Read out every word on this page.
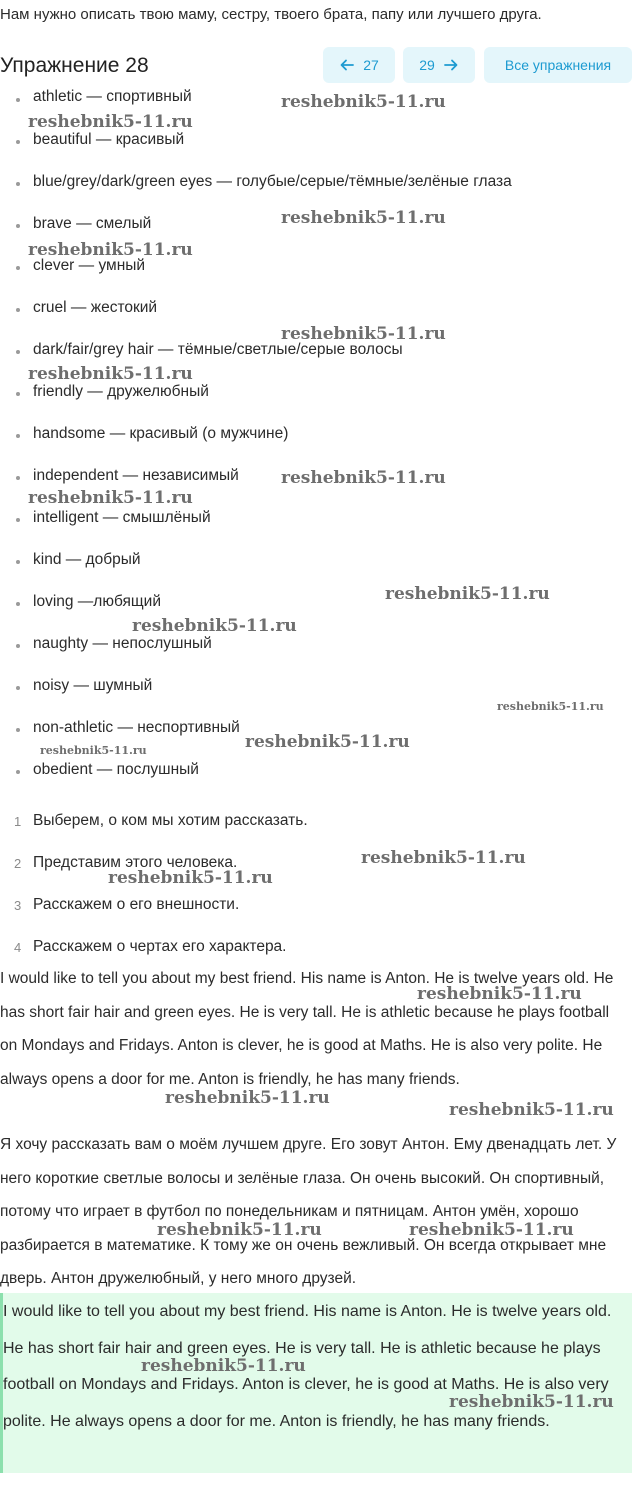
Нам нужно описать твою маму, сестру, твоего брата, папу или лучшего друга.
Упражнение 28	27	29	Все упражнения
athletic — спортивный
beautiful — красивый
blue/grey/dark/green eyes — голубые/серые/тёмные/зелёные глаза
brave — смелый
clever — умный
cruel — жестокий
dark/fair/grey hair — тёмные/светлые/серые волосы
friendly — дружелюбный
handsome — красивый (о мужчине)
independent — независимый
intelligent — смышлёный
kind — добрый
loving —любящий
naughty — непослушный
noisy — шумный
non-athletic — неспортивный
obedient — послушный
1 Выберем, о ком мы хотим рассказать.
2 Представим этого человека.
3 Расскажем о его внешности.
4 Расскажем о чертах его характера.

I would like to tell you about my best friend. His name is Anton. He is twelve years old. He has short fair hair and green eyes. He is very tall. He is athletic because he plays football on Mondays and Fridays. Anton is clever, he is good at Maths. He is also very polite. He always opens a door for me. Anton is friendly, he has many friends.

Я хочу рассказать вам о моём лучшем друге. Его зовут Антон. Ему двенадцать лет. У него короткие светлые волосы и зелёные глаза. Он очень высокий. Он спортивный, потому что играет в футбол по понедельникам и пятницам. Антон умён, хорошо разбирается в математике. К тому же он очень вежливый. Он всегда открывает мне дверь. Антон дружелюбный, у него много друзей.

I would like to tell you about my best friend. His name is Anton. He is twelve years old. He has short fair hair and green eyes. He is very tall. He is athletic because he plays football on Mondays and Fridays. Anton is clever, he is good at Maths. He is also very polite. He always opens a door for me. Anton is friendly, he has many friends.

reshebnik5-11.ru
reshebnik5-11.ru
reshebnik5-11.ru
reshebnik5-11.ru
reshebnik5-11.ru
reshebnik5-11.ru
reshebnik5-11.ru
reshebnik5-11.ru
reshebnik5-11.ru
reshebnik5-11.ru
reshebnik5-11.ru
reshebnik5-11.ru
reshebnik5-11.ru
reshebnik5-11.ru
reshebnik5-11.ru
reshebnik5-11.ru
reshebnik5-11.ru
reshebnik5-11.ru
reshebnik5-11.ru	reshebnik5-11.ru
reshebnik5-11.ru
reshebnik5-11.ru
